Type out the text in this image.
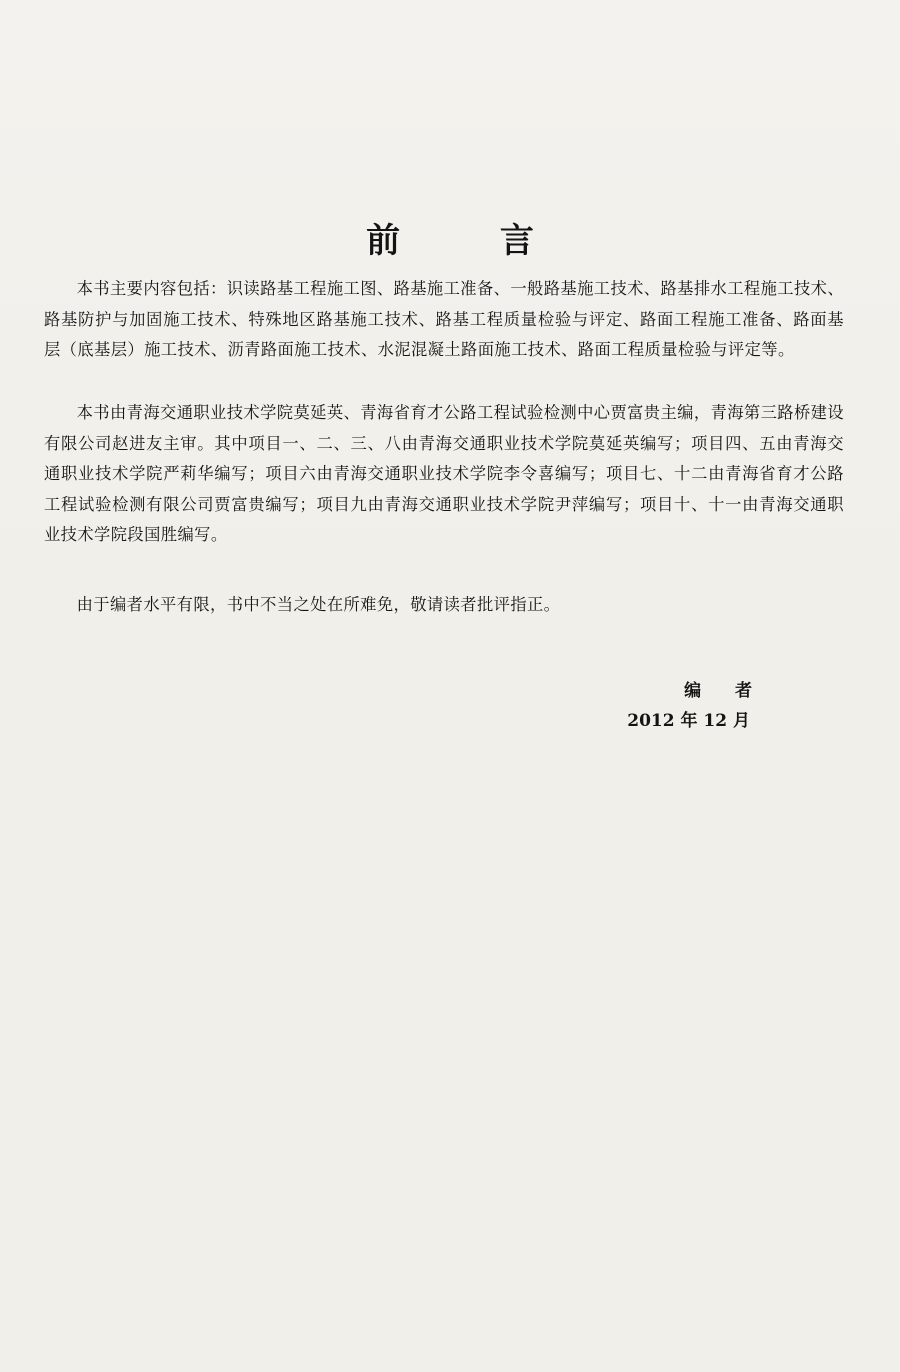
前 言

本书主要内容包括：识读路基工程施工图、路基施工准备、一般路基施工技术、路基排水工程施工技术、路基防护与加固施工技术、特殊地区路基施工技术、路基工程质量检验与评定、路面工程施工准备、路面基层（底基层）施工技术、沥青路面施工技术、水泥混凝土路面施工技术、路面工程质量检验与评定等。

本书由青海交通职业技术学院莫延英、青海省育才公路工程试验检测中心贾富贵主编，青海第三路桥建设有限公司赵进友主审。其中项目一、二、三、八由青海交通职业技术学院莫延英编写；项目四、五由青海交通职业技术学院严莉华编写；项目六由青海交通职业技术学院李令喜编写；项目七、十二由青海省育才公路工程试验检测有限公司贾富贵编写；项目九由青海交通职业技术学院尹萍编写；项目十、十一由青海交通职业技术学院段国胜编写。

由于编者水平有限，书中不当之处在所难免，敬请读者批评指正。

编 者
2012 年 12 月
